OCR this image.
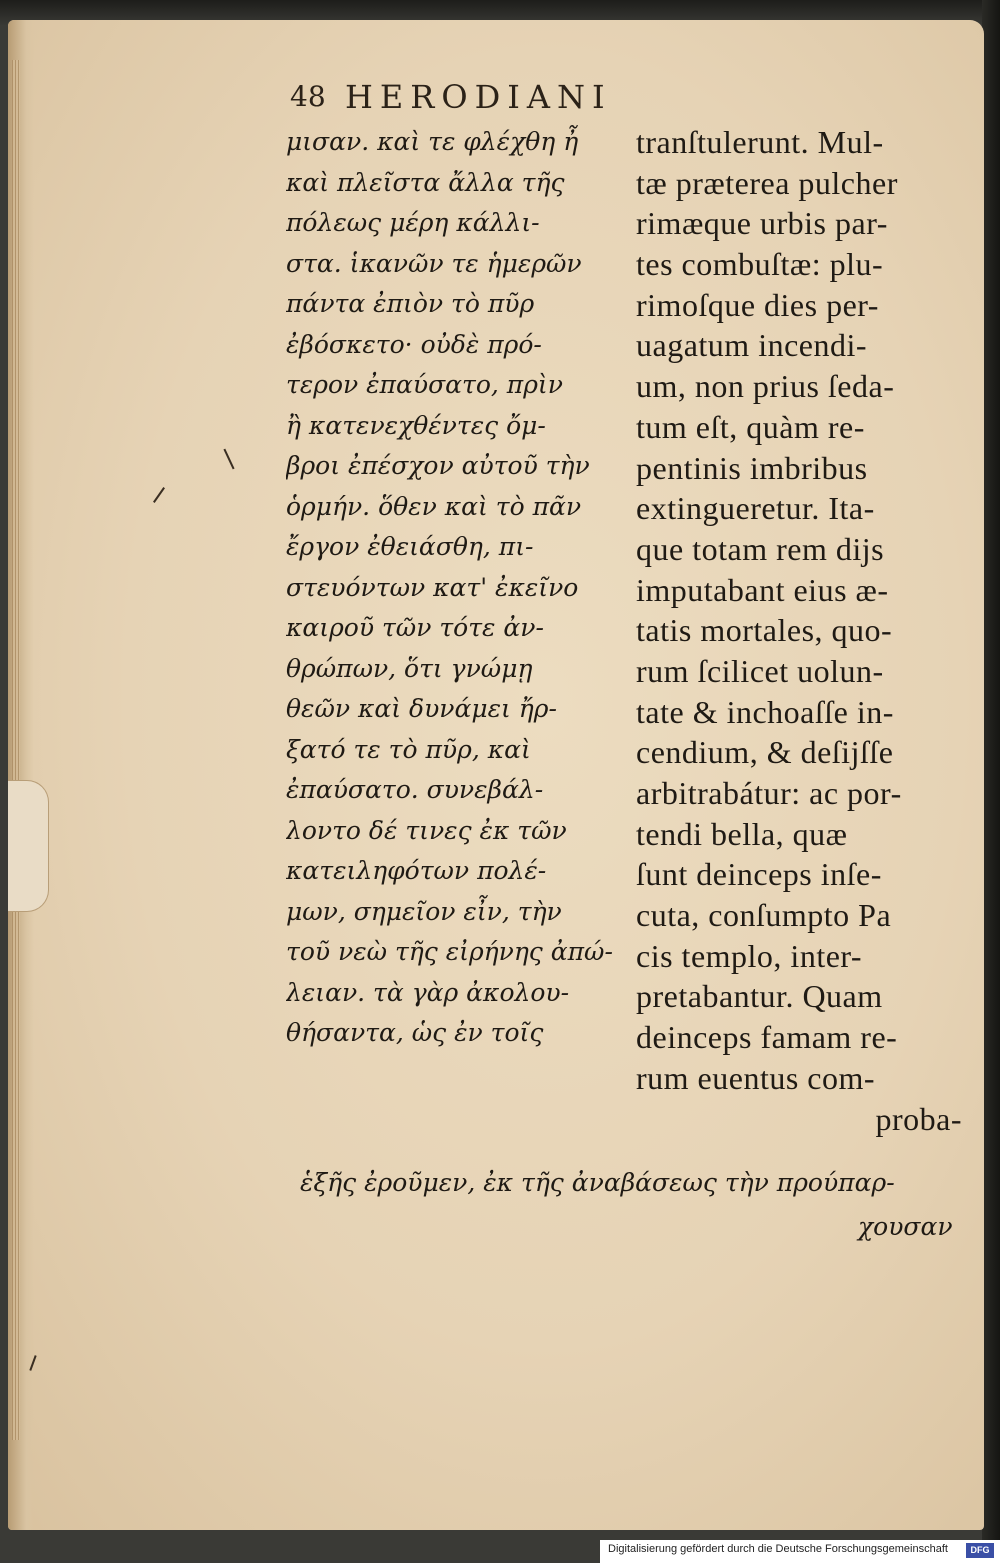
48 HERODIANI
μισαν. καὶ τε φλέχθη ἦ
καὶ πλεῖστα ἄλλα τῆς
πόλεως μέρη κάλλι-
στα. ἱκανῶν τε ἡμερῶν
πάντα ἐπιὸν τὸ πῦρ
ἐβόσκετο· οὐδὲ πρό-
τερον ἐπαύσατο, πρὶν
ἢ κατενεχθέντες ὄμ-
βροι ἐπέσχον αὐτοῦ τὴν
ὁρμήν. ὅθεν καὶ τὸ πᾶν
ἔργον ἐθειάσθη, πι-
στευόντων κατ' ἐκεῖνο
καιροῦ τῶν τότε ἀν-
θρώπων, ὅτι γνώμῃ
θεῶν καὶ δυνάμει ἤρ-
ξατό τε τὸ πῦρ, καὶ
ἐπαύσατο. συνεβάλ-
λοντο δέ τινες ἐκ τῶν
κατειληφότων πολέ-
μων, σημεῖον εἶν, τὴν
τοῦ νεὼ τῆς εἰρήνης ἀπώ-
λειαν. τὰ γὰρ ἀκολου-
θήσαντα, ὡς ἐν τοῖς
tranſtulerunt. Mul-
tæ præterea pulcher
rimæque urbis par-
tes combuſtæ: plu-
rimoſque dies per-
uagatum incendi-
um, non prius ſeda-
tum eſt, quàm re-
pentinis imbribus
extingueretur. Ita-
que totam rem dijs
imputabant eius æ-
tatis mortales, quo-
rum ſcilicet uolun-
tate & inchoaſſe in-
cendium, & deſijſſe
arbitrabátur: ac por-
tendi bella, quæ
ſunt deinceps inſe-
cuta, conſumpto Pa
cis templo, inter-
pretabantur. Quam
deinceps famam re-
rum euentus com-
proba-
ἑξῆς ἐροῦμεν, ἐκ τῆς ἀναβάσεως τὴν προύπαρ-
χουσαν
Digitalisierung gefördert durch die Deutsche Forschungsgemeinschaft	DFG
